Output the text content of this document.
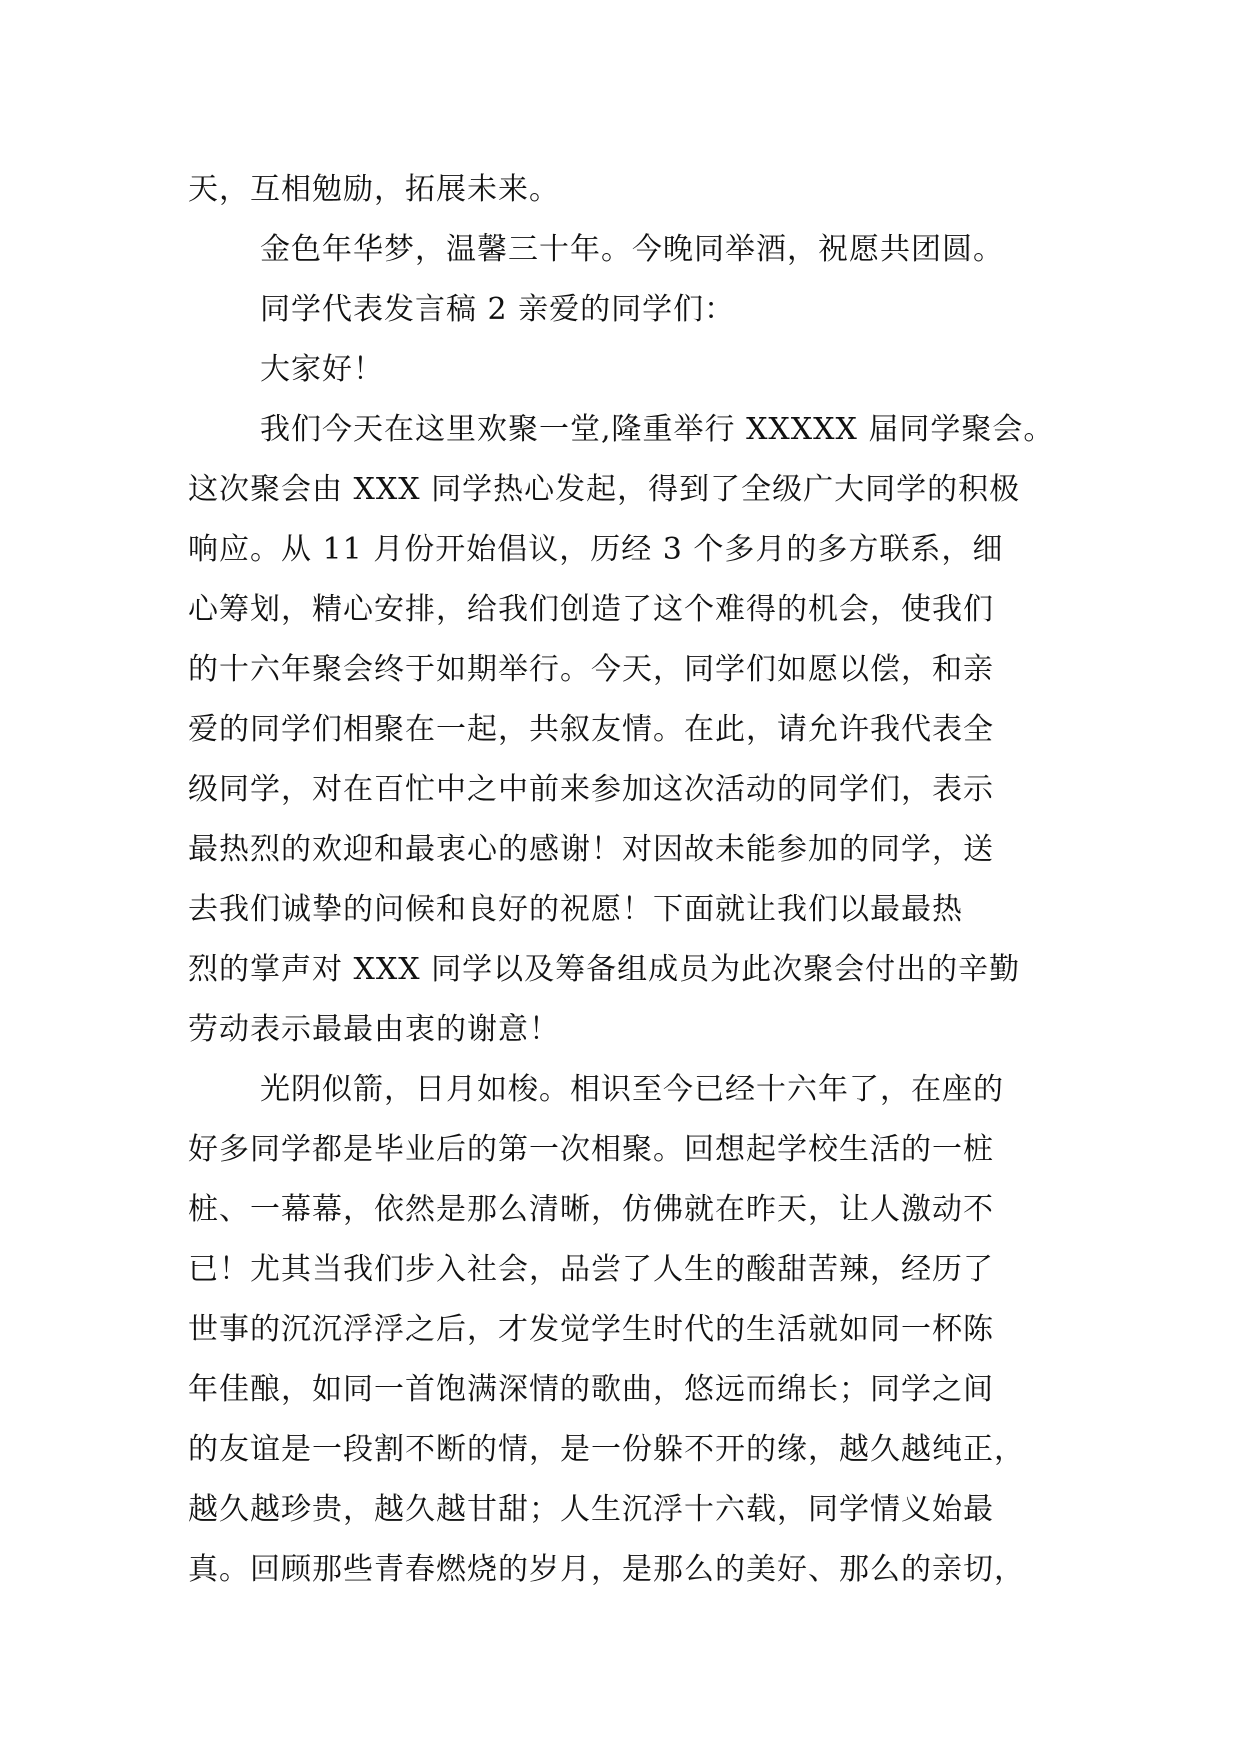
天，互相勉励，拓展未来。
金色年华梦，温馨三十年。今晚同举酒，祝愿共团圆。
同学代表发言稿 2 亲爱的同学们：
大家好！
我们今天在这里欢聚一堂,隆重举行 XXXXX 届同学聚会。
这次聚会由 XXX 同学热心发起，得到了全级广大同学的积极
响应。从 11 月份开始倡议，历经 3 个多月的多方联系，细
心筹划，精心安排，给我们创造了这个难得的机会，使我们
的十六年聚会终于如期举行。今天，同学们如愿以偿，和亲
爱的同学们相聚在一起，共叙友情。在此，请允许我代表全
级同学，对在百忙中之中前来参加这次活动的同学们，表示
最热烈的欢迎和最衷心的感谢！对因故未能参加的同学，送
去我们诚挚的问候和良好的祝愿！下面就让我们以最最热
烈的掌声对 XXX 同学以及筹备组成员为此次聚会付出的辛勤
劳动表示最最由衷的谢意！
光阴似箭，日月如梭。相识至今已经十六年了，在座的
好多同学都是毕业后的第一次相聚。回想起学校生活的一桩
桩、一幕幕，依然是那么清晰，仿佛就在昨天，让人激动不
已！尤其当我们步入社会，品尝了人生的酸甜苦辣，经历了
世事的沉沉浮浮之后，才发觉学生时代的生活就如同一杯陈
年佳酿，如同一首饱满深情的歌曲，悠远而绵长；同学之间
的友谊是一段割不断的情，是一份躲不开的缘，越久越纯正，
越久越珍贵，越久越甘甜；人生沉浮十六载，同学情义始最
真。回顾那些青春燃烧的岁月，是那么的美好、那么的亲切，
